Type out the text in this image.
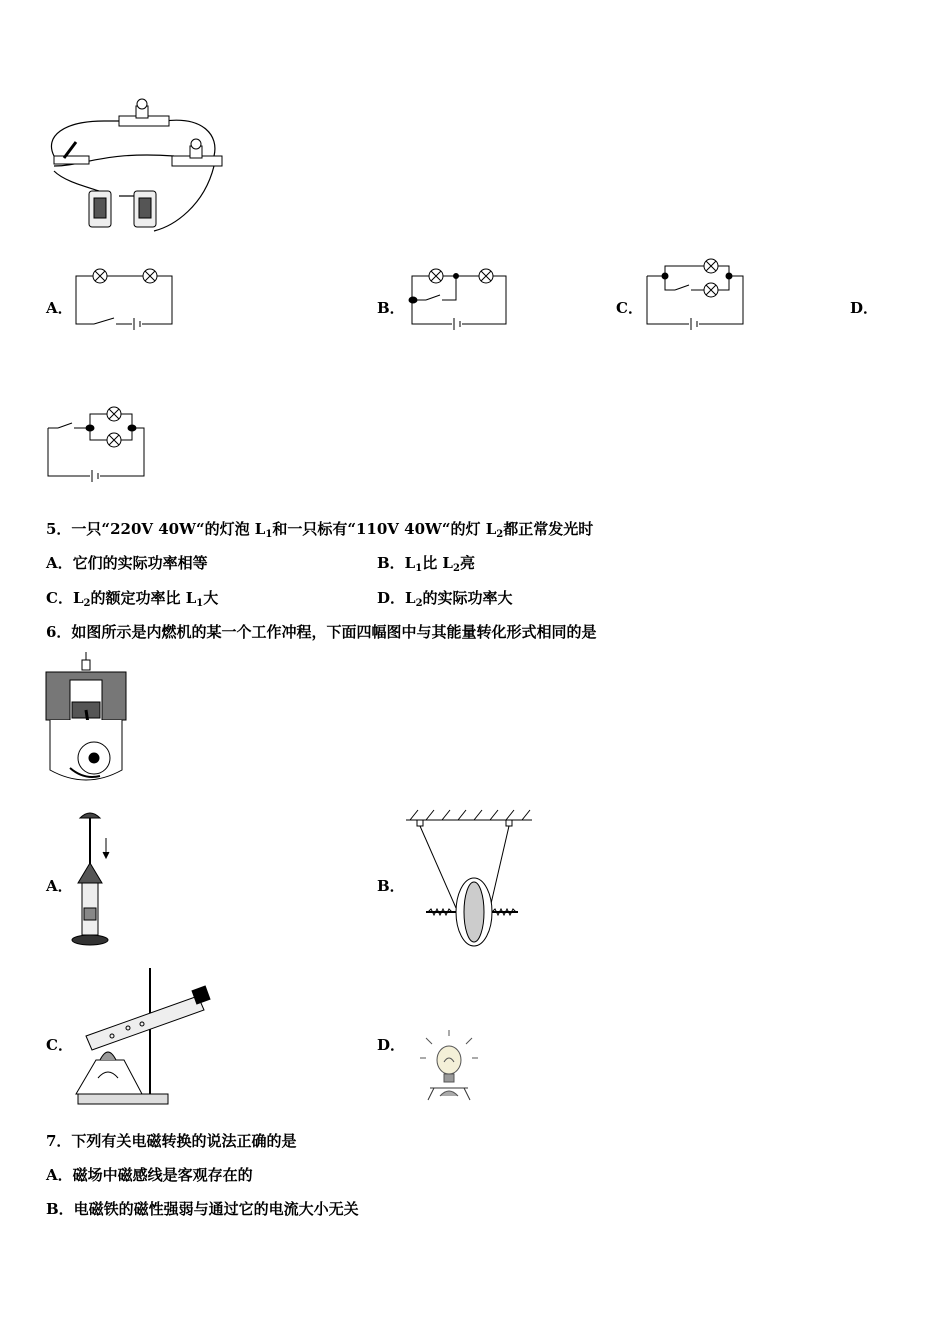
A．	B．	C．	D．
5．一只“220V 40W“的灯泡 $L_1$和一只标有“110V 40W“的灯 $L_2$都正常发光时
A．它们的实际功率相等	B．$L_1$比 $L_2$亮
C．$L_2$的额定功率比 $L_1$大	D．$L_2$的实际功率大
6．如图所示是内燃机的某一个工作冲程，下面四幅图中与其能量转化形式相同的是
A．	B．
C．	D．
7．下列有关电磁转换的说法正确的是
A．磁场中磁感线是客观存在的
B．电磁铁的磁性强弱与通过它的电流大小无关
